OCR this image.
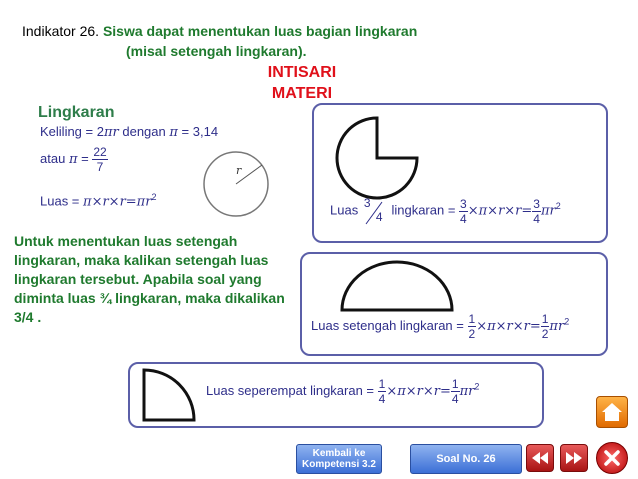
Indikator 26. Siswa dapat menentukan luas bagian lingkaran
(misal setengah lingkaran).
INTISARI
MATERI
Lingkaran
Keliling = 2πr dengan π = 3,14
atau $\pi = \frac{22}{7}$
Luas = $\pi\times r\times r=\pi r^2$
r
Luas 3
4 lingkaran = $\frac{3}{4} \times\pi\times r\times r= \frac{3}{4} \pi r^2$
Luas setengah lingkaran = $\frac{1}{2} \times\pi\times r\times r= \frac{1}{2} \pi r^2$
Luas seperempat lingkaran = $\frac{1}{4} \times\pi\times r\times r= \frac{1}{4} \pi r^2$
Untuk menentukan luas setengah lingkaran, maka kalikan setengah luas lingkaran tersebut. Apabila soal yang diminta luas ¾ lingkaran, maka dikalikan 3/4 .
Kembali ke Kompetensi 3.2	Soal No. 26
